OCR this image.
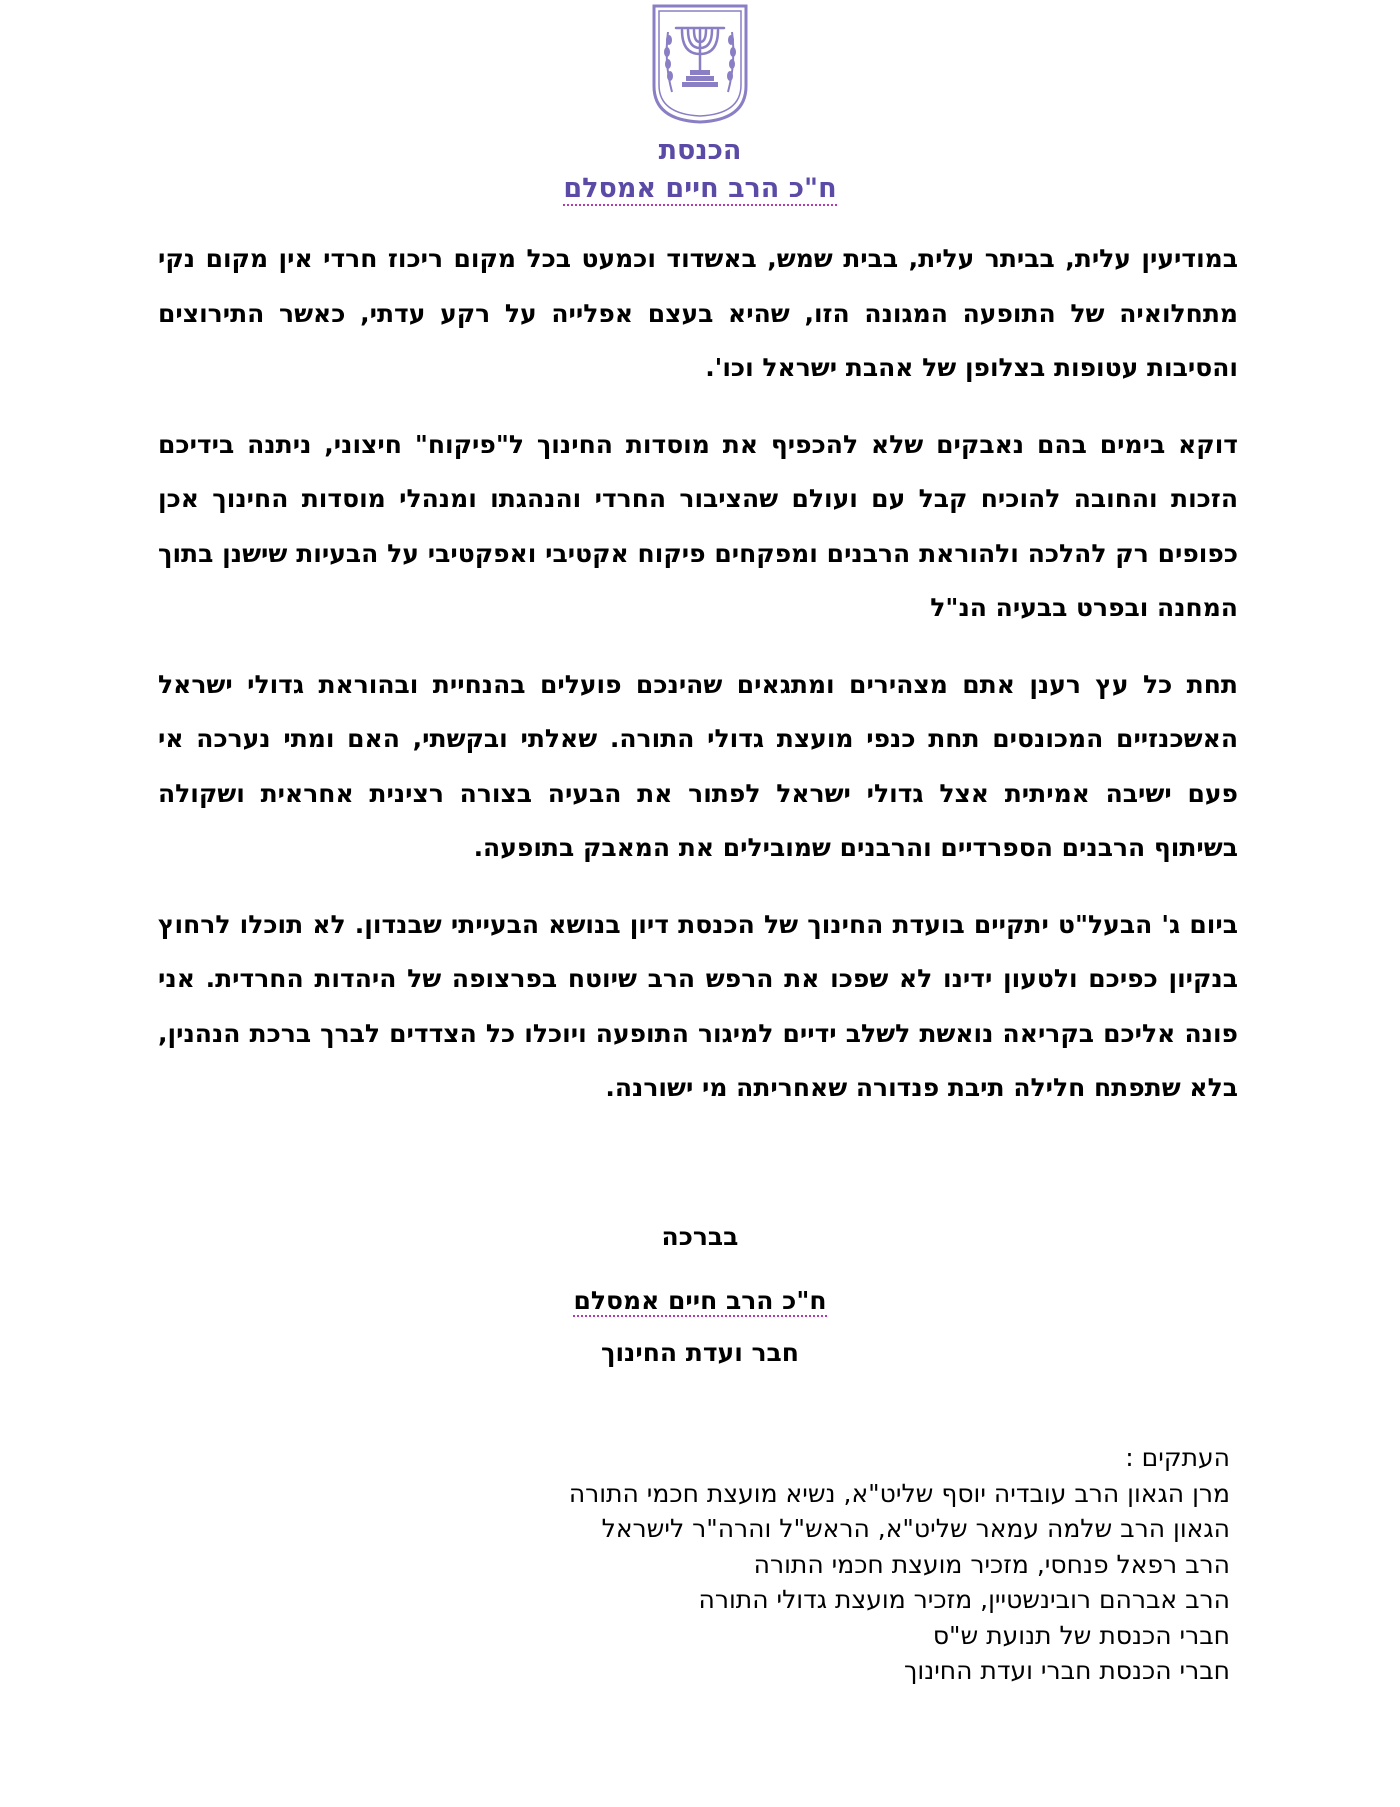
הכנסת
ח"כ הרב חיים אמסלם

במודיעין עלית, בביתר עלית, בבית שמש, באשדוד וכמעט בכל מקום ריכוז חרדי אין מקום נקי מתחלואיה של התופעה המגונה הזו, שהיא בעצם אפלייה על רקע עדתי, כאשר התירוצים והסיבות עטופות בצלופן של אהבת ישראל וכו'.

דוקא בימים בהם נאבקים שלא להכפיף את מוסדות החינוך ל"פיקוח" חיצוני, ניתנה בידיכם הזכות והחובה להוכיח קבל עם ועולם שהציבור החרדי והנהגתו ומנהלי מוסדות החינוך אכן כפופים רק להלכה ולהוראת הרבנים ומפקחים פיקוח אקטיבי ואפקטיבי על הבעיות שישנן בתוך המחנה ובפרט בבעיה הנ"ל

תחת כל עץ רענן אתם מצהירים ומתגאים שהינכם פועלים בהנחיית ובהוראת גדולי ישראל האשכנזיים המכונסים תחת כנפי מועצת גדולי התורה. שאלתי ובקשתי, האם ומתי נערכה אי פעם ישיבה אמיתית אצל גדולי ישראל לפתור את הבעיה בצורה רצינית אחראית ושקולה בשיתוף הרבנים הספרדיים והרבנים שמובילים את המאבק בתופעה.

ביום ג' הבעל"ט יתקיים בועדת החינוך של הכנסת דיון בנושא הבעייתי שבנדון. לא תוכלו לרחוץ בנקיון כפיכם ולטעון ידינו לא שפכו את הרפש הרב שיוטח בפרצופה של היהדות החרדית. אני פונה אליכם בקריאה נואשת לשלב ידיים למיגור התופעה ויוכלו כל הצדדים לברך ברכת הנהנין, בלא שתפתח חלילה תיבת פנדורה שאחריתה מי ישורנה.

בברכה
ח"כ הרב חיים אמסלם
חבר ועדת החינוך
העתקים :
מרן הגאון הרב עובדיה יוסף שליט"א, נשיא מועצת חכמי התורה
הגאון הרב שלמה עמאר שליט"א, הראש"ל והרה"ר לישראל
הרב רפאל פנחסי, מזכיר מועצת חכמי התורה
הרב אברהם רובינשטיין, מזכיר מועצת גדולי התורה
חברי הכנסת של תנועת ש"ס
חברי הכנסת חברי ועדת החינוך
